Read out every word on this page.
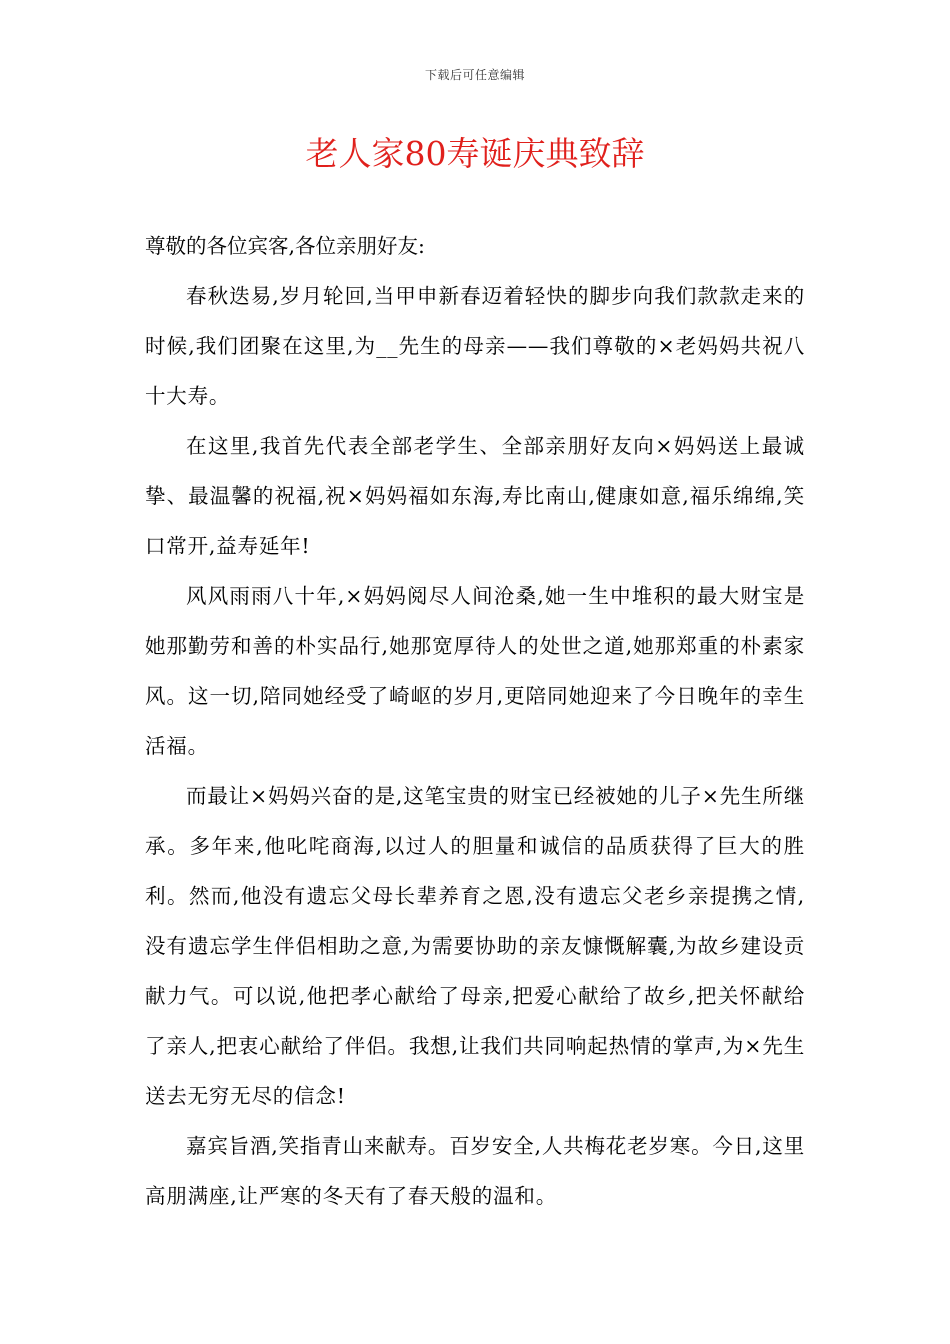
下载后可任意编辑
老人家80寿诞庆典致辞

尊敬的各位宾客,各位亲朋好友:

春秋迭易,岁月轮回,当甲申新春迈着轻快的脚步向我们款款走来的时候,我们团聚在这里,为__先生的母亲——我们尊敬的×老妈妈共祝八十大寿。

在这里,我首先代表全部老学生、全部亲朋好友向×妈妈送上最诚挚、最温馨的祝福,祝×妈妈福如东海,寿比南山,健康如意,福乐绵绵,笑口常开,益寿延年!

风风雨雨八十年,×妈妈阅尽人间沧桑,她一生中堆积的最大财宝是她那勤劳和善的朴实品行,她那宽厚待人的处世之道,她那郑重的朴素家风。这一切,陪同她经受了崎岖的岁月,更陪同她迎来了今日晚年的幸生活福。

而最让×妈妈兴奋的是,这笔宝贵的财宝已经被她的儿子×先生所继承。多年来,他叱咤商海,以过人的胆量和诚信的品质获得了巨大的胜利。然而,他没有遗忘父母长辈养育之恩,没有遗忘父老乡亲提携之情,没有遗忘学生伴侣相助之意,为需要协助的亲友慷慨解囊,为故乡建设贡献力气。可以说,他把孝心献给了母亲,把爱心献给了故乡,把关怀献给了亲人,把衷心献给了伴侣。我想,让我们共同响起热情的掌声,为×先生送去无穷无尽的信念!

嘉宾旨酒,笑指青山来献寿。百岁安全,人共梅花老岁寒。今日,这里高朋满座,让严寒的冬天有了春天般的温和。
